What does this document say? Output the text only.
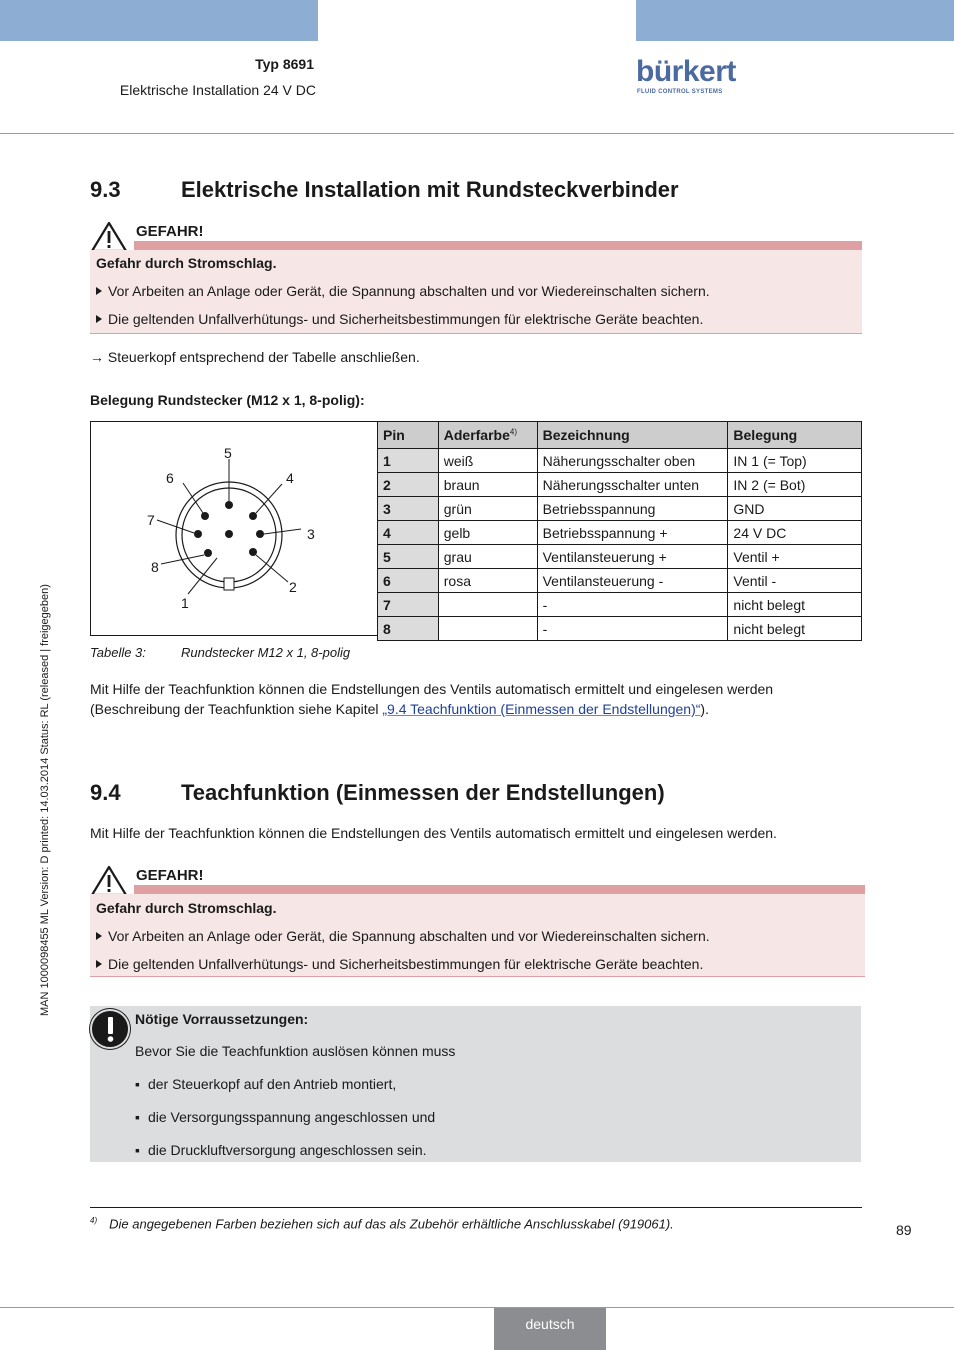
Typ 8691
Elektrische Installation 24 V DC
bürkert
FLUID CONTROL SYSTEMS
MAN 1000098455 ML Version: D printed: 14.03.2014 Status: RL (released | freigegeben)
9.3	Elektrische Installation mit Rundsteckverbinder
GEFAHR!
Gefahr durch Stromschlag.
Vor Arbeiten an Anlage oder Gerät, die Spannung abschalten und vor Wiedereinschalten sichern.
Die geltenden Unfallverhütungs- und Sicherheitsbestimmungen für elektrische Geräte beachten.
→ Steuerkopf entsprechend der Tabelle anschließen.
Belegung Rundstecker (M12 x 1, 8-polig):
5
4
6
3
7
2
8
1
Pin	Aderfarbe$^{4)}$	Bezeichnung	Belegung
1	weiß	Näherungsschalter oben	IN 1 (= Top)
2	braun	Näherungsschalter unten	IN 2 (= Bot)
3	grün	Betriebsspannung	GND
4	gelb	Betriebsspannung +	24 V DC
5	grau	Ventilansteuerung +	Ventil +
6	rosa	Ventilansteuerung -	Ventil -
7		-	nicht belegt
8		-	nicht belegt
Tabelle 3:	Rundstecker M12 x 1, 8-polig
Mit Hilfe der Teachfunktion können die Endstellungen des Ventils automatisch ermittelt und eingelesen werden
(Beschreibung der Teachfunktion siehe Kapitel „9.4 Teachfunktion (Einmessen der Endstellungen)“).
9.4	Teachfunktion (Einmessen der Endstellungen)
Mit Hilfe der Teachfunktion können die Endstellungen des Ventils automatisch ermittelt und eingelesen werden.
GEFAHR!
Gefahr durch Stromschlag.
Vor Arbeiten an Anlage oder Gerät, die Spannung abschalten und vor Wiedereinschalten sichern.
Die geltenden Unfallverhütungs- und Sicherheitsbestimmungen für elektrische Geräte beachten.
Nötige Vorraussetzungen:
Bevor Sie die Teachfunktion auslösen können muss
▪ der Steuerkopf auf den Antrieb montiert,
▪ die Versorgungsspannung angeschlossen und
▪ die Druckluftversorgung angeschlossen sein.
$^{4)}$ Die angegebenen Farben beziehen sich auf das als Zubehör erhältliche Anschlusskabel (919061).	89
deutsch
